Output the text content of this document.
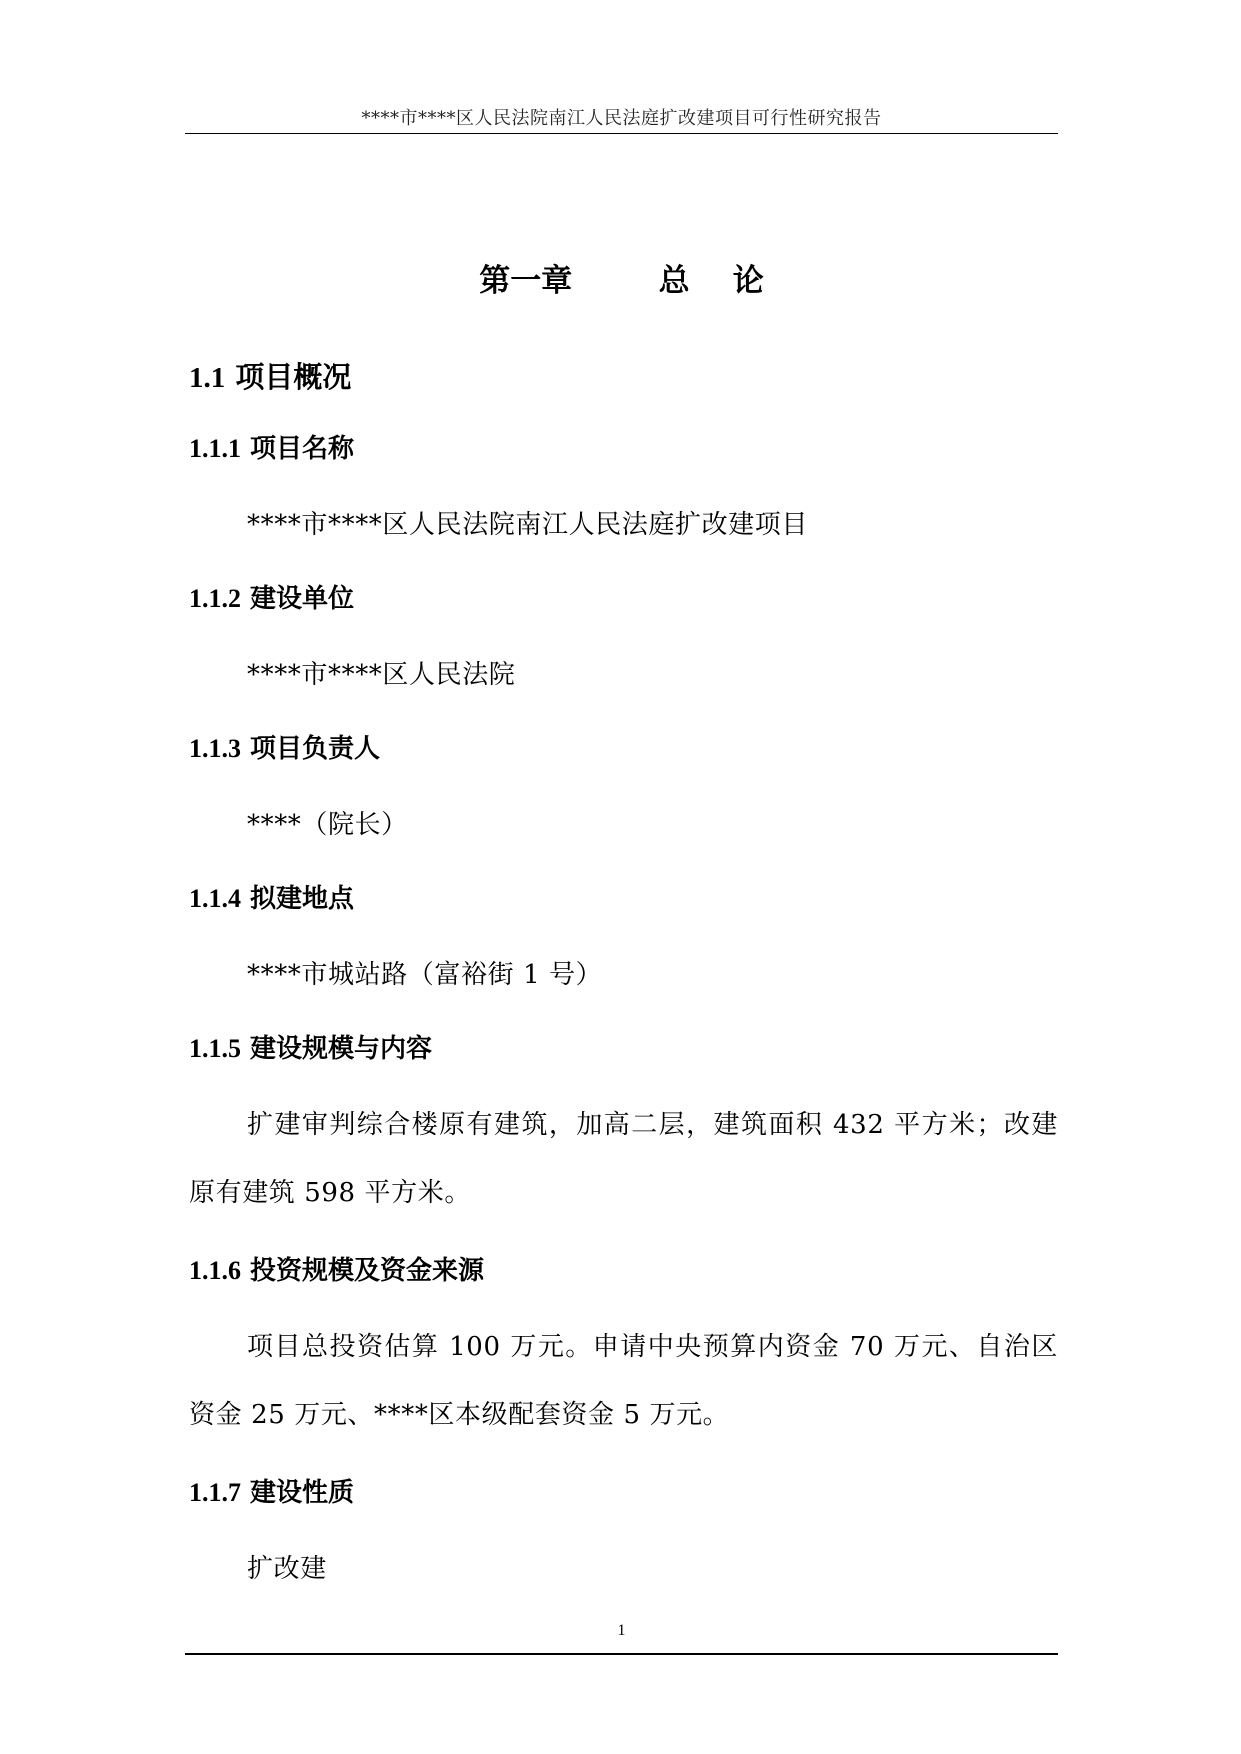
****市****区人民法院南江人民法庭扩改建项目可行性研究报告
第一章        总    论
1.1 项目概况
1.1.1 项目名称
****市****区人民法院南江人民法庭扩改建项目
1.1.2 建设单位
****市****区人民法院
1.1.3 项目负责人
****（院长）
1.1.4 拟建地点
****市城站路（富裕街 1 号）
1.1.5 建设规模与内容
扩建审判综合楼原有建筑，加高二层，建筑面积 432 平方米；改建原有建筑 598 平方米。
1.1.6 投资规模及资金来源
项目总投资估算 100 万元。申请中央预算内资金 70 万元、自治区资金 25 万元、****区本级配套资金 5 万元。
1.1.7 建设性质
扩改建
1
